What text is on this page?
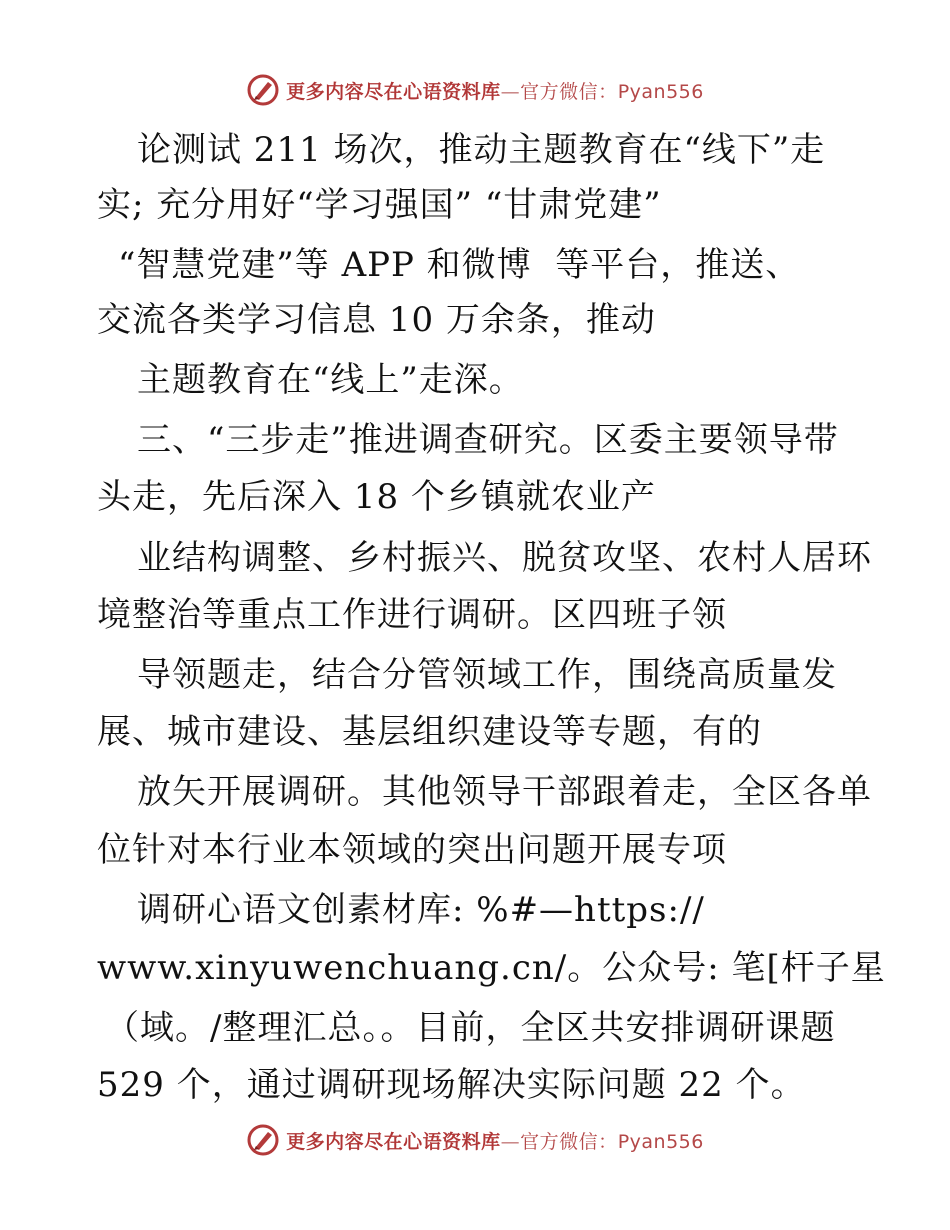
更多内容尽在心语资料库—官方微信：Pyan556
论测试 211 场次，推动主题教育在“线下”走
实; 充分用好“学习强国” “甘肃党建”
“智慧党建”等 APP 和微博  等平台，推送、
交流各类学习信息 10 万余条，推动
主题教育在“线上”走深。
三、“三步走”推进调查研究。区委主要领导带
头走，先后深入 18 个乡镇就农业产
业结构调整、乡村振兴、脱贫攻坚、农村人居环
境整治等重点工作进行调研。区四班子领
导领题走，结合分管领域工作，围绕高质量发
展、城市建设、基层组织建设等专题，有的
放矢开展调研。其他领导干部跟着走，全区各单
位针对本行业本领域的突出问题开展专项
调研心语文创素材库: %#—https://
www.xinyuwenchuang.cn/。公众号: 笔[杆子星
（域。/整理汇总。。目前，全区共安排调研课题
529 个，通过调研现场解决实际问题 22 个。
更多内容尽在心语资料库—官方微信：Pyan556
